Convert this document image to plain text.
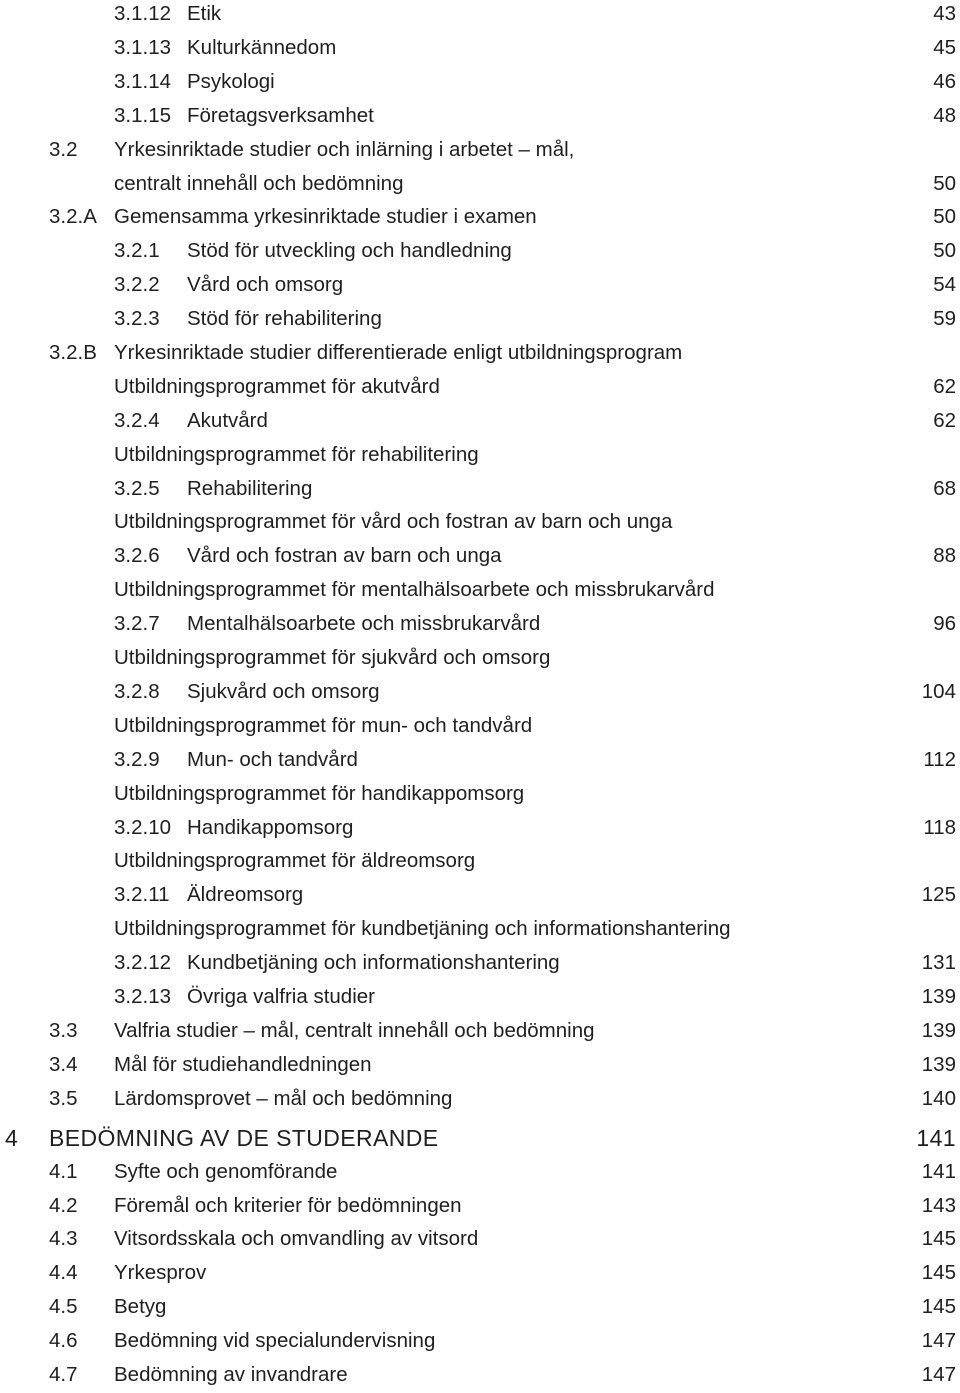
3.1.12 Etik	43
3.1.13 Kulturkännedom	45
3.1.14 Psykologi	46
3.1.15 Företagsverksamhet	48
3.2 Yrkesinriktade studier och inlärning i arbetet – mål,
centralt innehåll och bedömning	50
3.2.A Gemensamma yrkesinriktade studier i examen	50
3.2.1 Stöd för utveckling och handledning	50
3.2.2 Vård och omsorg	54
3.2.3 Stöd för rehabilitering	59
3.2.B Yrkesinriktade studier differentierade enligt utbildningsprogram
Utbildningsprogrammet för akutvård	62
3.2.4 Akutvård	62
Utbildningsprogrammet för rehabilitering
3.2.5 Rehabilitering	68
Utbildningsprogrammet för vård och fostran av barn och unga
3.2.6 Vård och fostran av barn och unga	88
Utbildningsprogrammet för mentalhälsoarbete och missbrukarvård
3.2.7 Mentalhälsoarbete och missbrukarvård	96
Utbildningsprogrammet för sjukvård och omsorg
3.2.8 Sjukvård och omsorg	104
Utbildningsprogrammet för mun- och tandvård
3.2.9 Mun- och tandvård	112
Utbildningsprogrammet för handikappomsorg
3.2.10 Handikappomsorg	118
Utbildningsprogrammet för äldreomsorg
3.2.11 Äldreomsorg	125
Utbildningsprogrammet för kundbetjäning och informationshantering
3.2.12 Kundbetjäning och informationshantering	131
3.2.13 Övriga valfria studier	139
3.3 Valfria studier – mål, centralt innehåll och bedömning	139
3.4 Mål för studiehandledningen	139
3.5 Lärdomsprovet – mål och bedömning	140
4 BEDÖMNING AV DE STUDERANDE	141
4.1 Syfte och genomförande	141
4.2 Föremål och kriterier för bedömningen	143
4.3 Vitsordsskala och omvandling av vitsord	145
4.4 Yrkesprov	145
4.5 Betyg	145
4.6 Bedömning vid specialundervisning	147
4.7 Bedömning av invandrare	147
